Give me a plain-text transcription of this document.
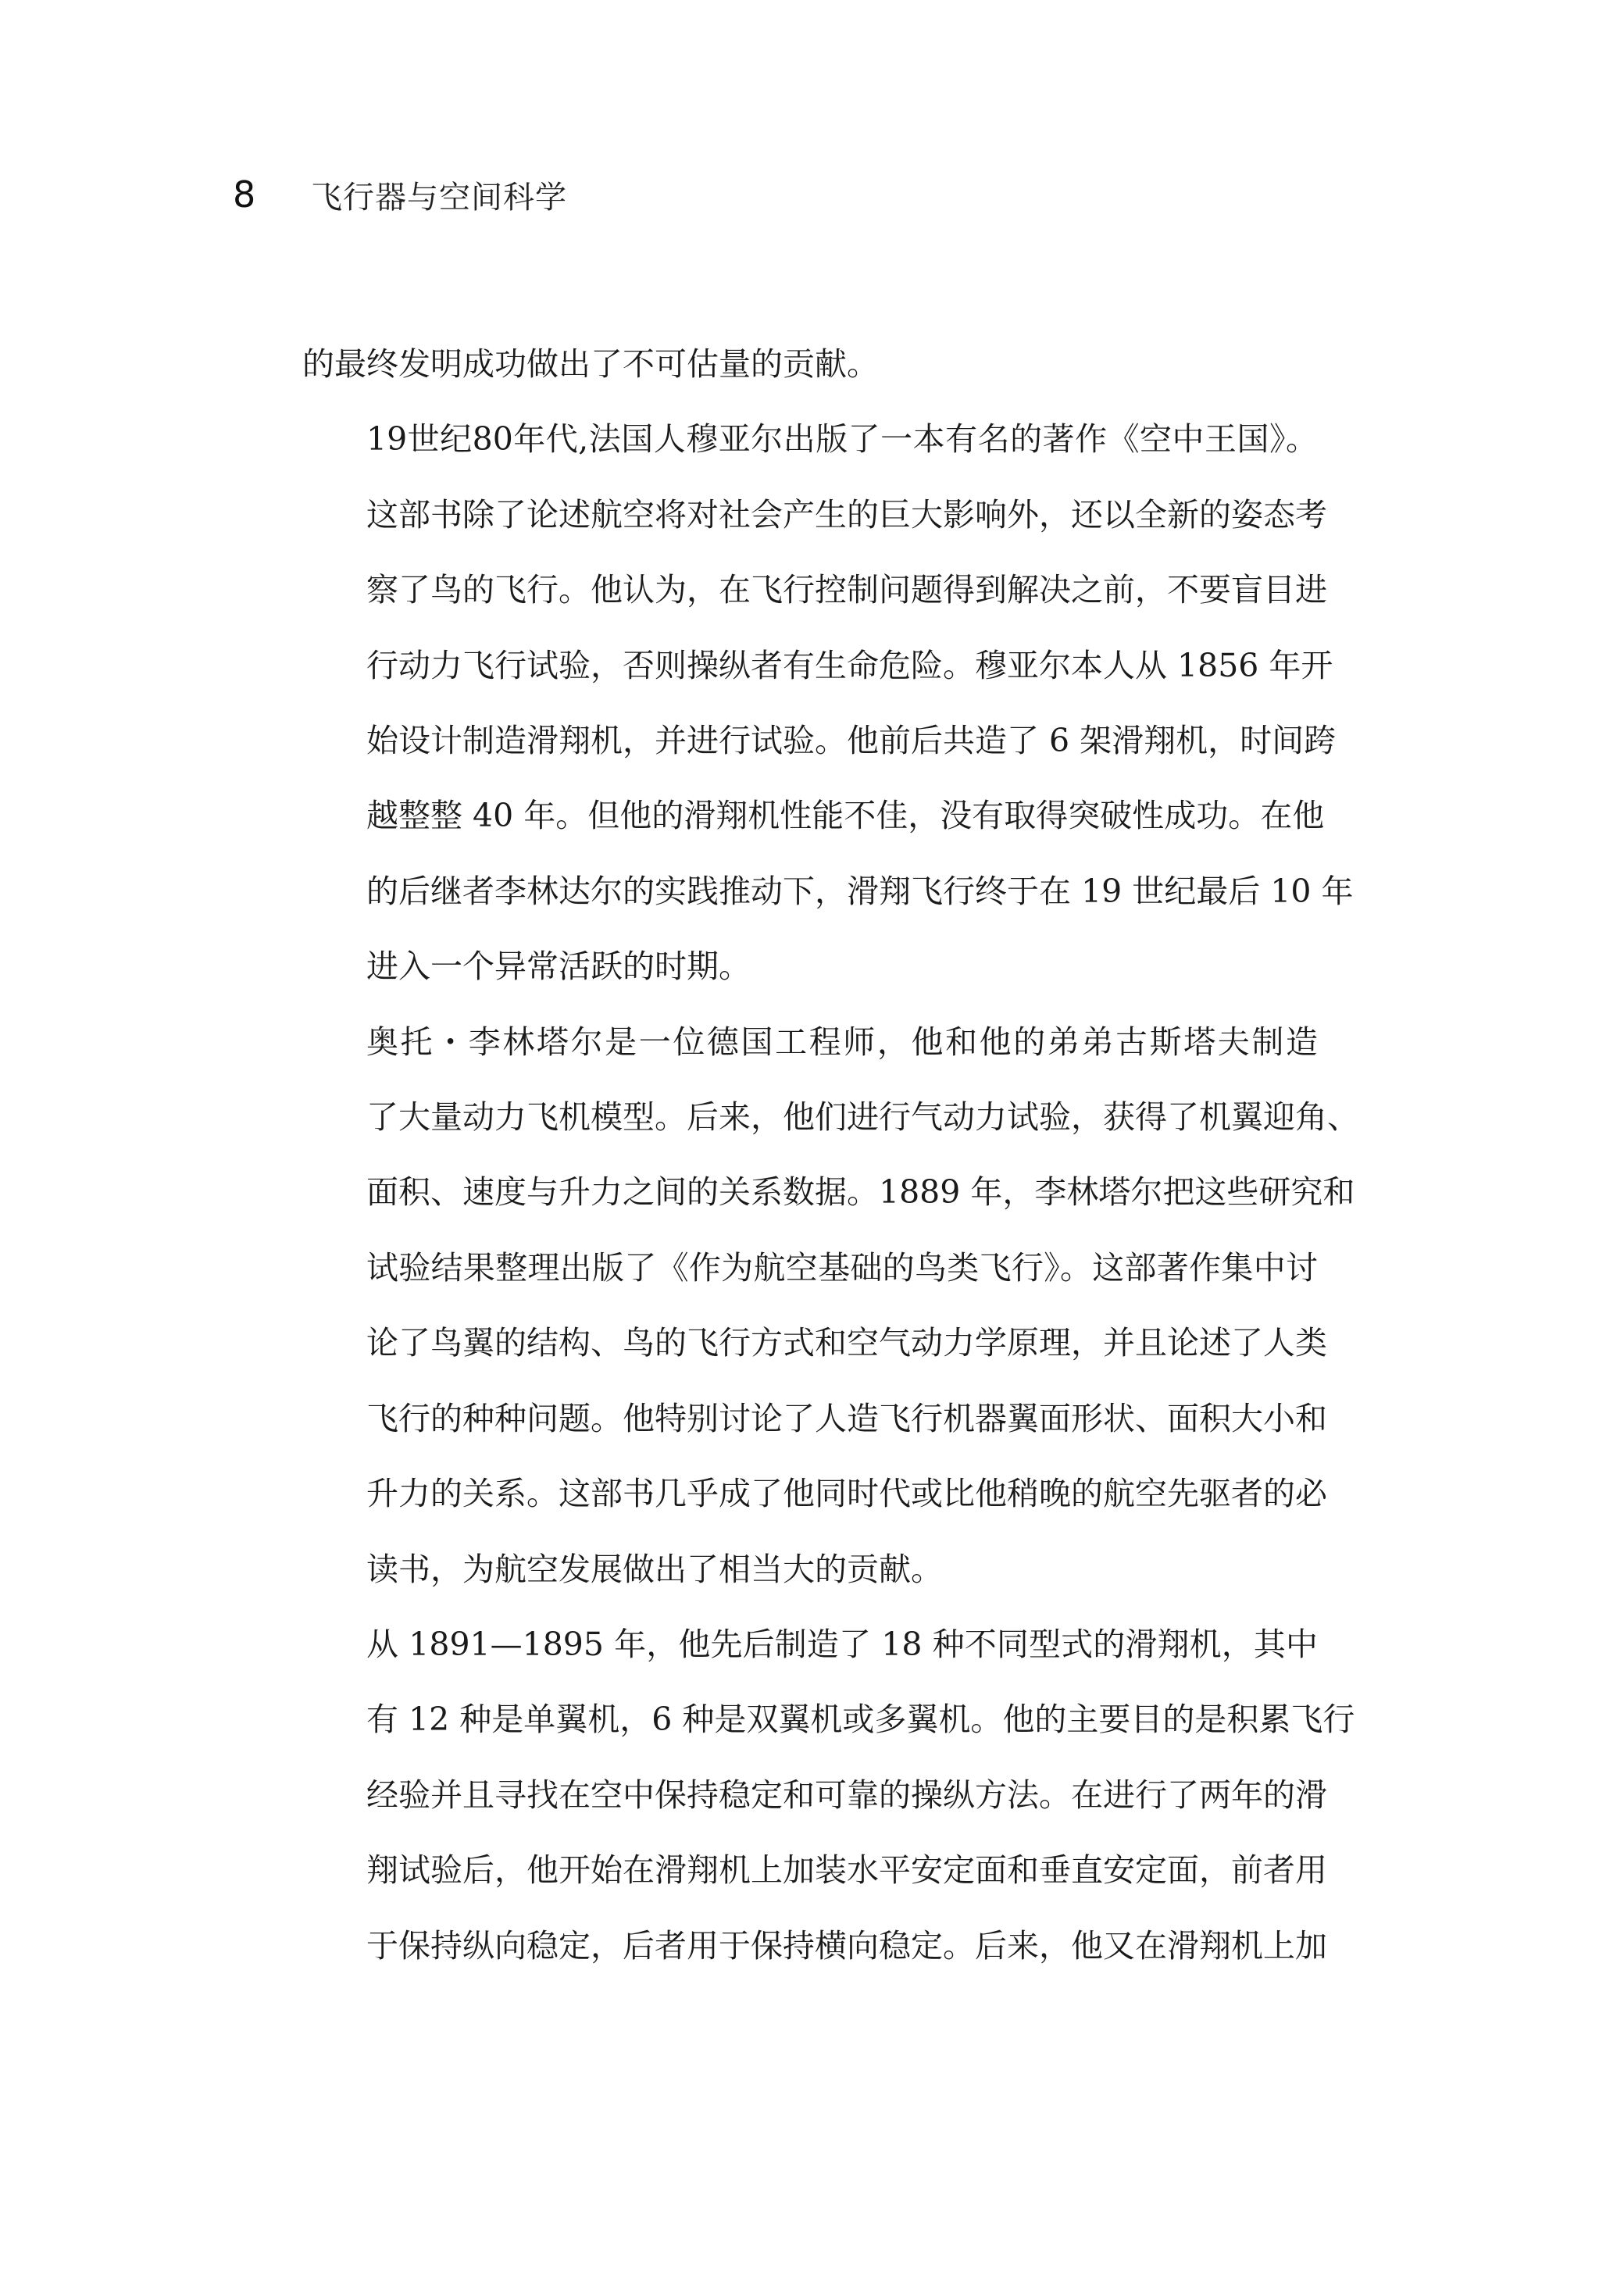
8	飞行器与空间科学

的最终发明成功做出了不可估量的贡献。

19世纪80年代,法国人穆亚尔出版了一本有名的著作《空中王国》。
这部书除了论述航空将对社会产生的巨大影响外，还以全新的姿态考
察了鸟的飞行。他认为，在飞行控制问题得到解决之前，不要盲目进
行动力飞行试验，否则操纵者有生命危险。穆亚尔本人从 1856 年开
始设计制造滑翔机，并进行试验。他前后共造了 6 架滑翔机，时间跨
越整整 40 年。但他的滑翔机性能不佳，没有取得突破性成功。在他
的后继者李林达尔的实践推动下，滑翔飞行终于在 19 世纪最后 10 年
进入一个异常活跃的时期。

奥托・李林塔尔是一位德国工程师，他和他的弟弟古斯塔夫制造
了大量动力飞机模型。后来，他们进行气动力试验，获得了机翼迎角、
面积、速度与升力之间的关系数据。1889 年，李林塔尔把这些研究和
试验结果整理出版了《作为航空基础的鸟类飞行》。这部著作集中讨
论了鸟翼的结构、鸟的飞行方式和空气动力学原理，并且论述了人类
飞行的种种问题。他特别讨论了人造飞行机器翼面形状、面积大小和
升力的关系。这部书几乎成了他同时代或比他稍晚的航空先驱者的必
读书，为航空发展做出了相当大的贡献。

从 1891—1895 年，他先后制造了 18 种不同型式的滑翔机，其中
有 12 种是单翼机，6 种是双翼机或多翼机。他的主要目的是积累飞行
经验并且寻找在空中保持稳定和可靠的操纵方法。在进行了两年的滑
翔试验后，他开始在滑翔机上加装水平安定面和垂直安定面，前者用
于保持纵向稳定，后者用于保持横向稳定。后来，他又在滑翔机上加
